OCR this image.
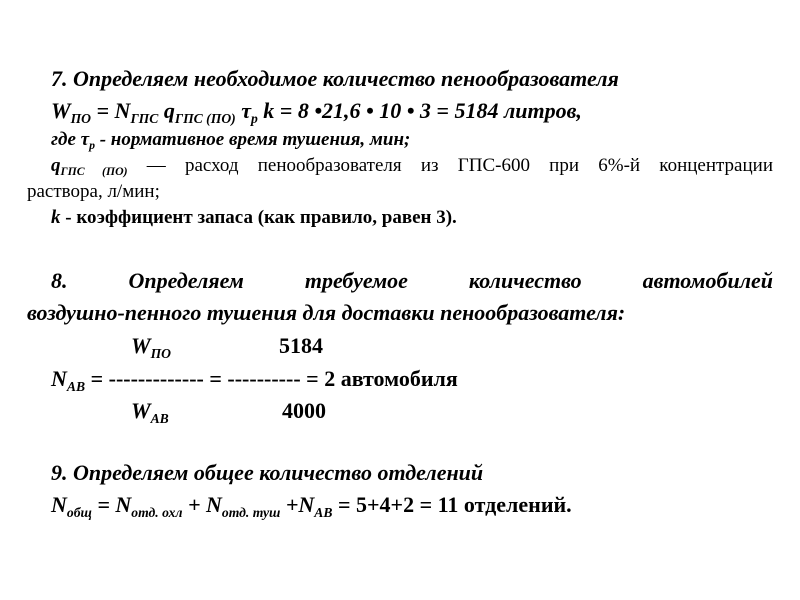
7. Определяем необходимое количество пенообразователя
$W_{ПО} = N_{ГПС}$ $q_{ГПС (ПО)}$ $\tau_р$ k = 8 •21,6 • 10 • 3 = 5184 литров,
где $\tau_р$ - нормативное время тушения, мин;

$q_{ГПС (ПО)}$ — расход пенообразователя из ГПС-600 при 6%-й концентрации

раствора, л/мин;
k - коэффициент запаса (как правило, равен 3).

8. Определяем требуемое количество автомобилей

воздушно-пенного тушения для доставки пенообразователя:
$W_{ПО}$	5184
$N_{АВ}$ = ------------- = ---------- = 2 автомобиля
$W_{АВ}$	4000
9. Определяем общее количество отделений
$N_{общ} = N_{отд. охл} + N_{отд. туш} +N_{АВ} = 5+4+2 = 11$ отделений.
